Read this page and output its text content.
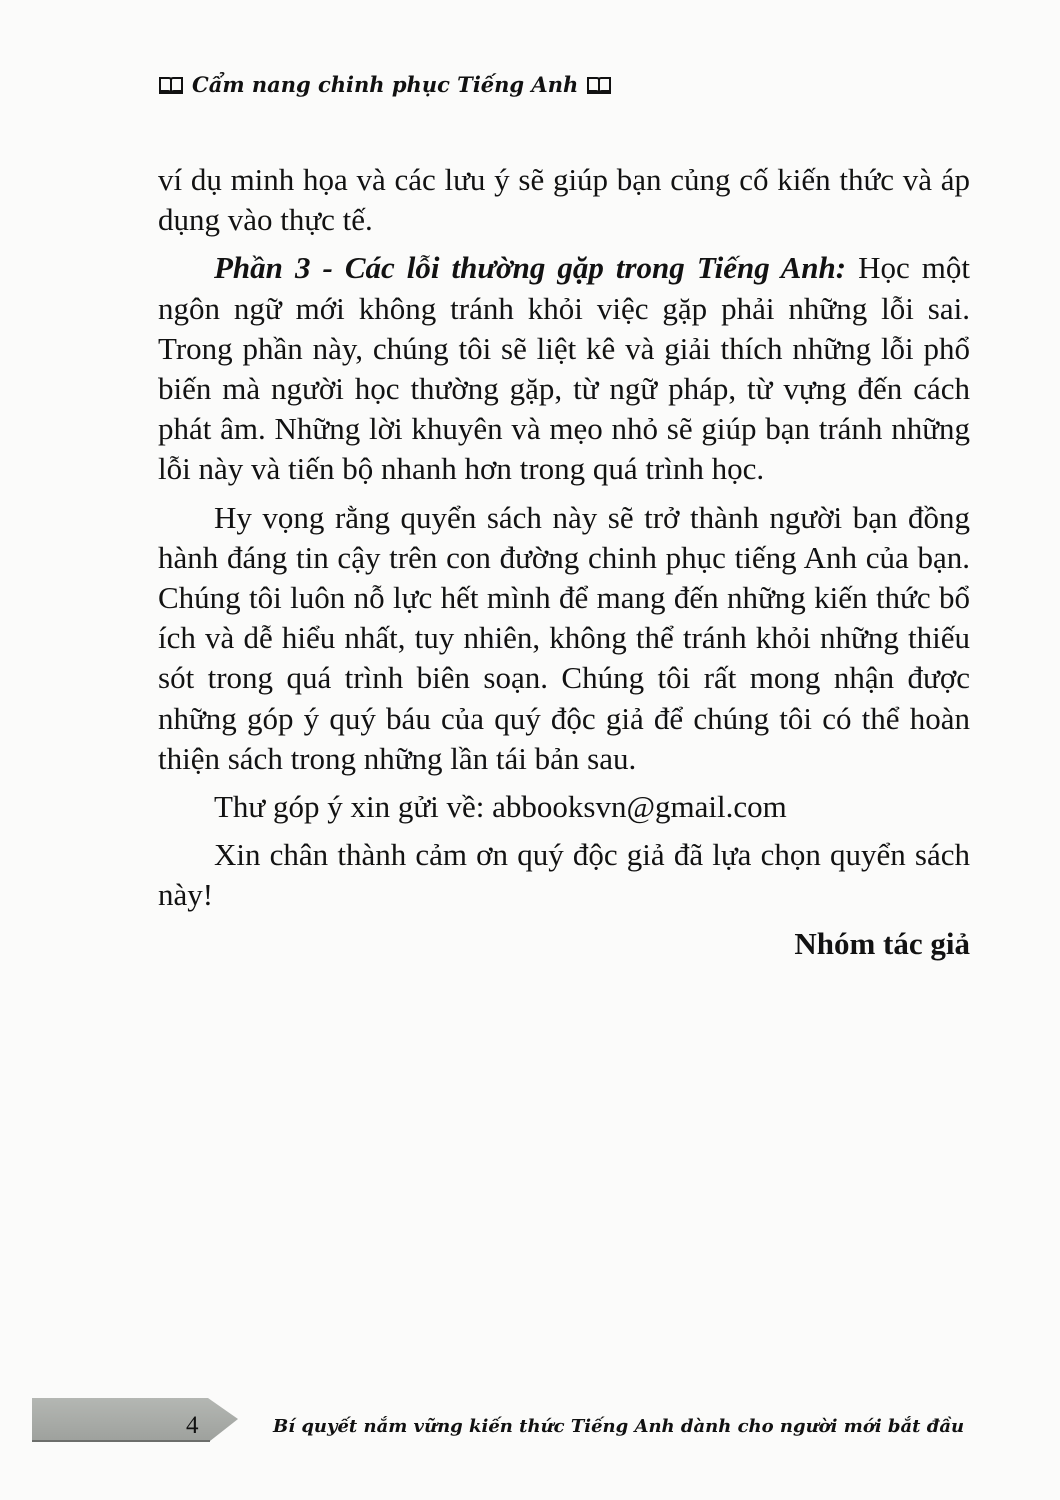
Cẩm nang chinh phục Tiếng Anh

ví dụ minh họa và các lưu ý sẽ giúp bạn củng cố kiến thức và áp dụng vào thực tế.

Phần 3 - Các lỗi thường gặp trong Tiếng Anh: Học một ngôn ngữ mới không tránh khỏi việc gặp phải những lỗi sai. Trong phần này, chúng tôi sẽ liệt kê và giải thích những lỗi phổ biến mà người học thường gặp, từ ngữ pháp, từ vựng đến cách phát âm. Những lời khuyên và mẹo nhỏ sẽ giúp bạn tránh những lỗi này và tiến bộ nhanh hơn trong quá trình học.

Hy vọng rằng quyển sách này sẽ trở thành người bạn đồng hành đáng tin cậy trên con đường chinh phục tiếng Anh của bạn. Chúng tôi luôn nỗ lực hết mình để mang đến những kiến thức bổ ích và dễ hiểu nhất, tuy nhiên, không thể tránh khỏi những thiếu sót trong quá trình biên soạn. Chúng tôi rất mong nhận được những góp ý quý báu của quý độc giả để chúng tôi có thể hoàn thiện sách trong những lần tái bản sau.

Thư góp ý xin gửi về: abbooksvn@gmail.com

Xin chân thành cảm ơn quý độc giả đã lựa chọn quyển sách này!

Nhóm tác giả

4	Bí quyết nắm vững kiến thức Tiếng Anh dành cho người mới bắt đầu
